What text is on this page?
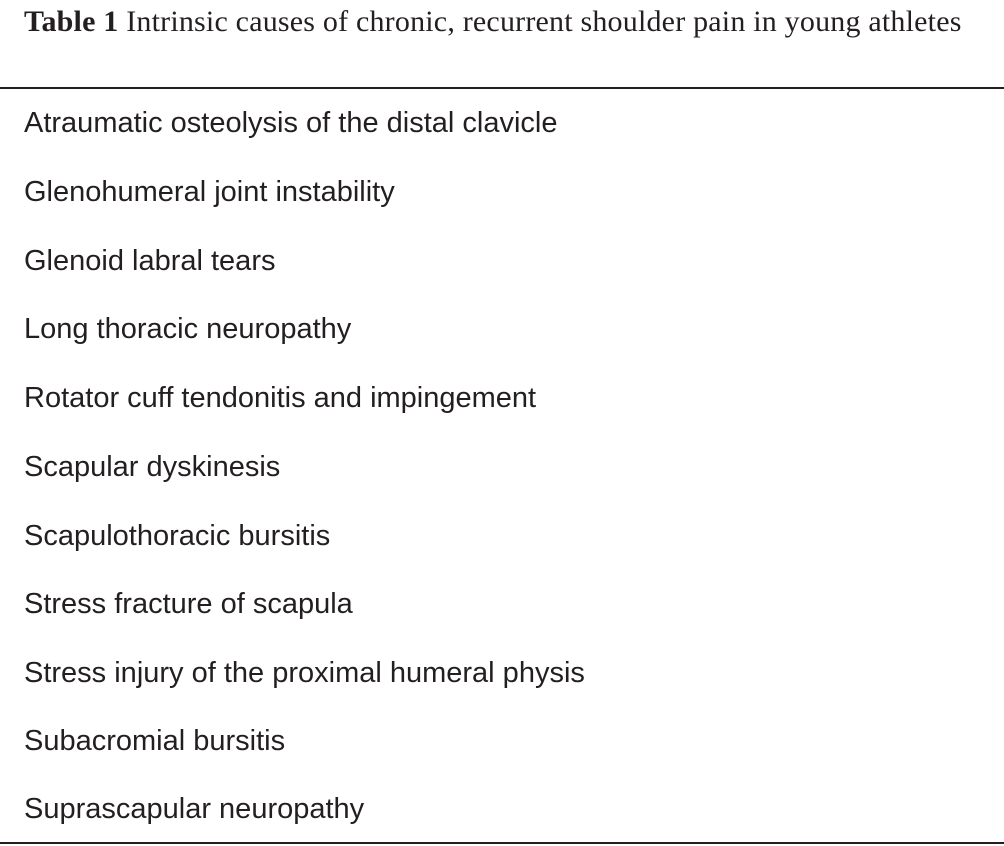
Table 1 Intrinsic causes of chronic, recurrent shoulder pain in young athletes
Atraumatic osteolysis of the distal clavicle
Glenohumeral joint instability
Glenoid labral tears
Long thoracic neuropathy
Rotator cuff tendonitis and impingement
Scapular dyskinesis
Scapulothoracic bursitis
Stress fracture of scapula
Stress injury of the proximal humeral physis
Subacromial bursitis
Suprascapular neuropathy
